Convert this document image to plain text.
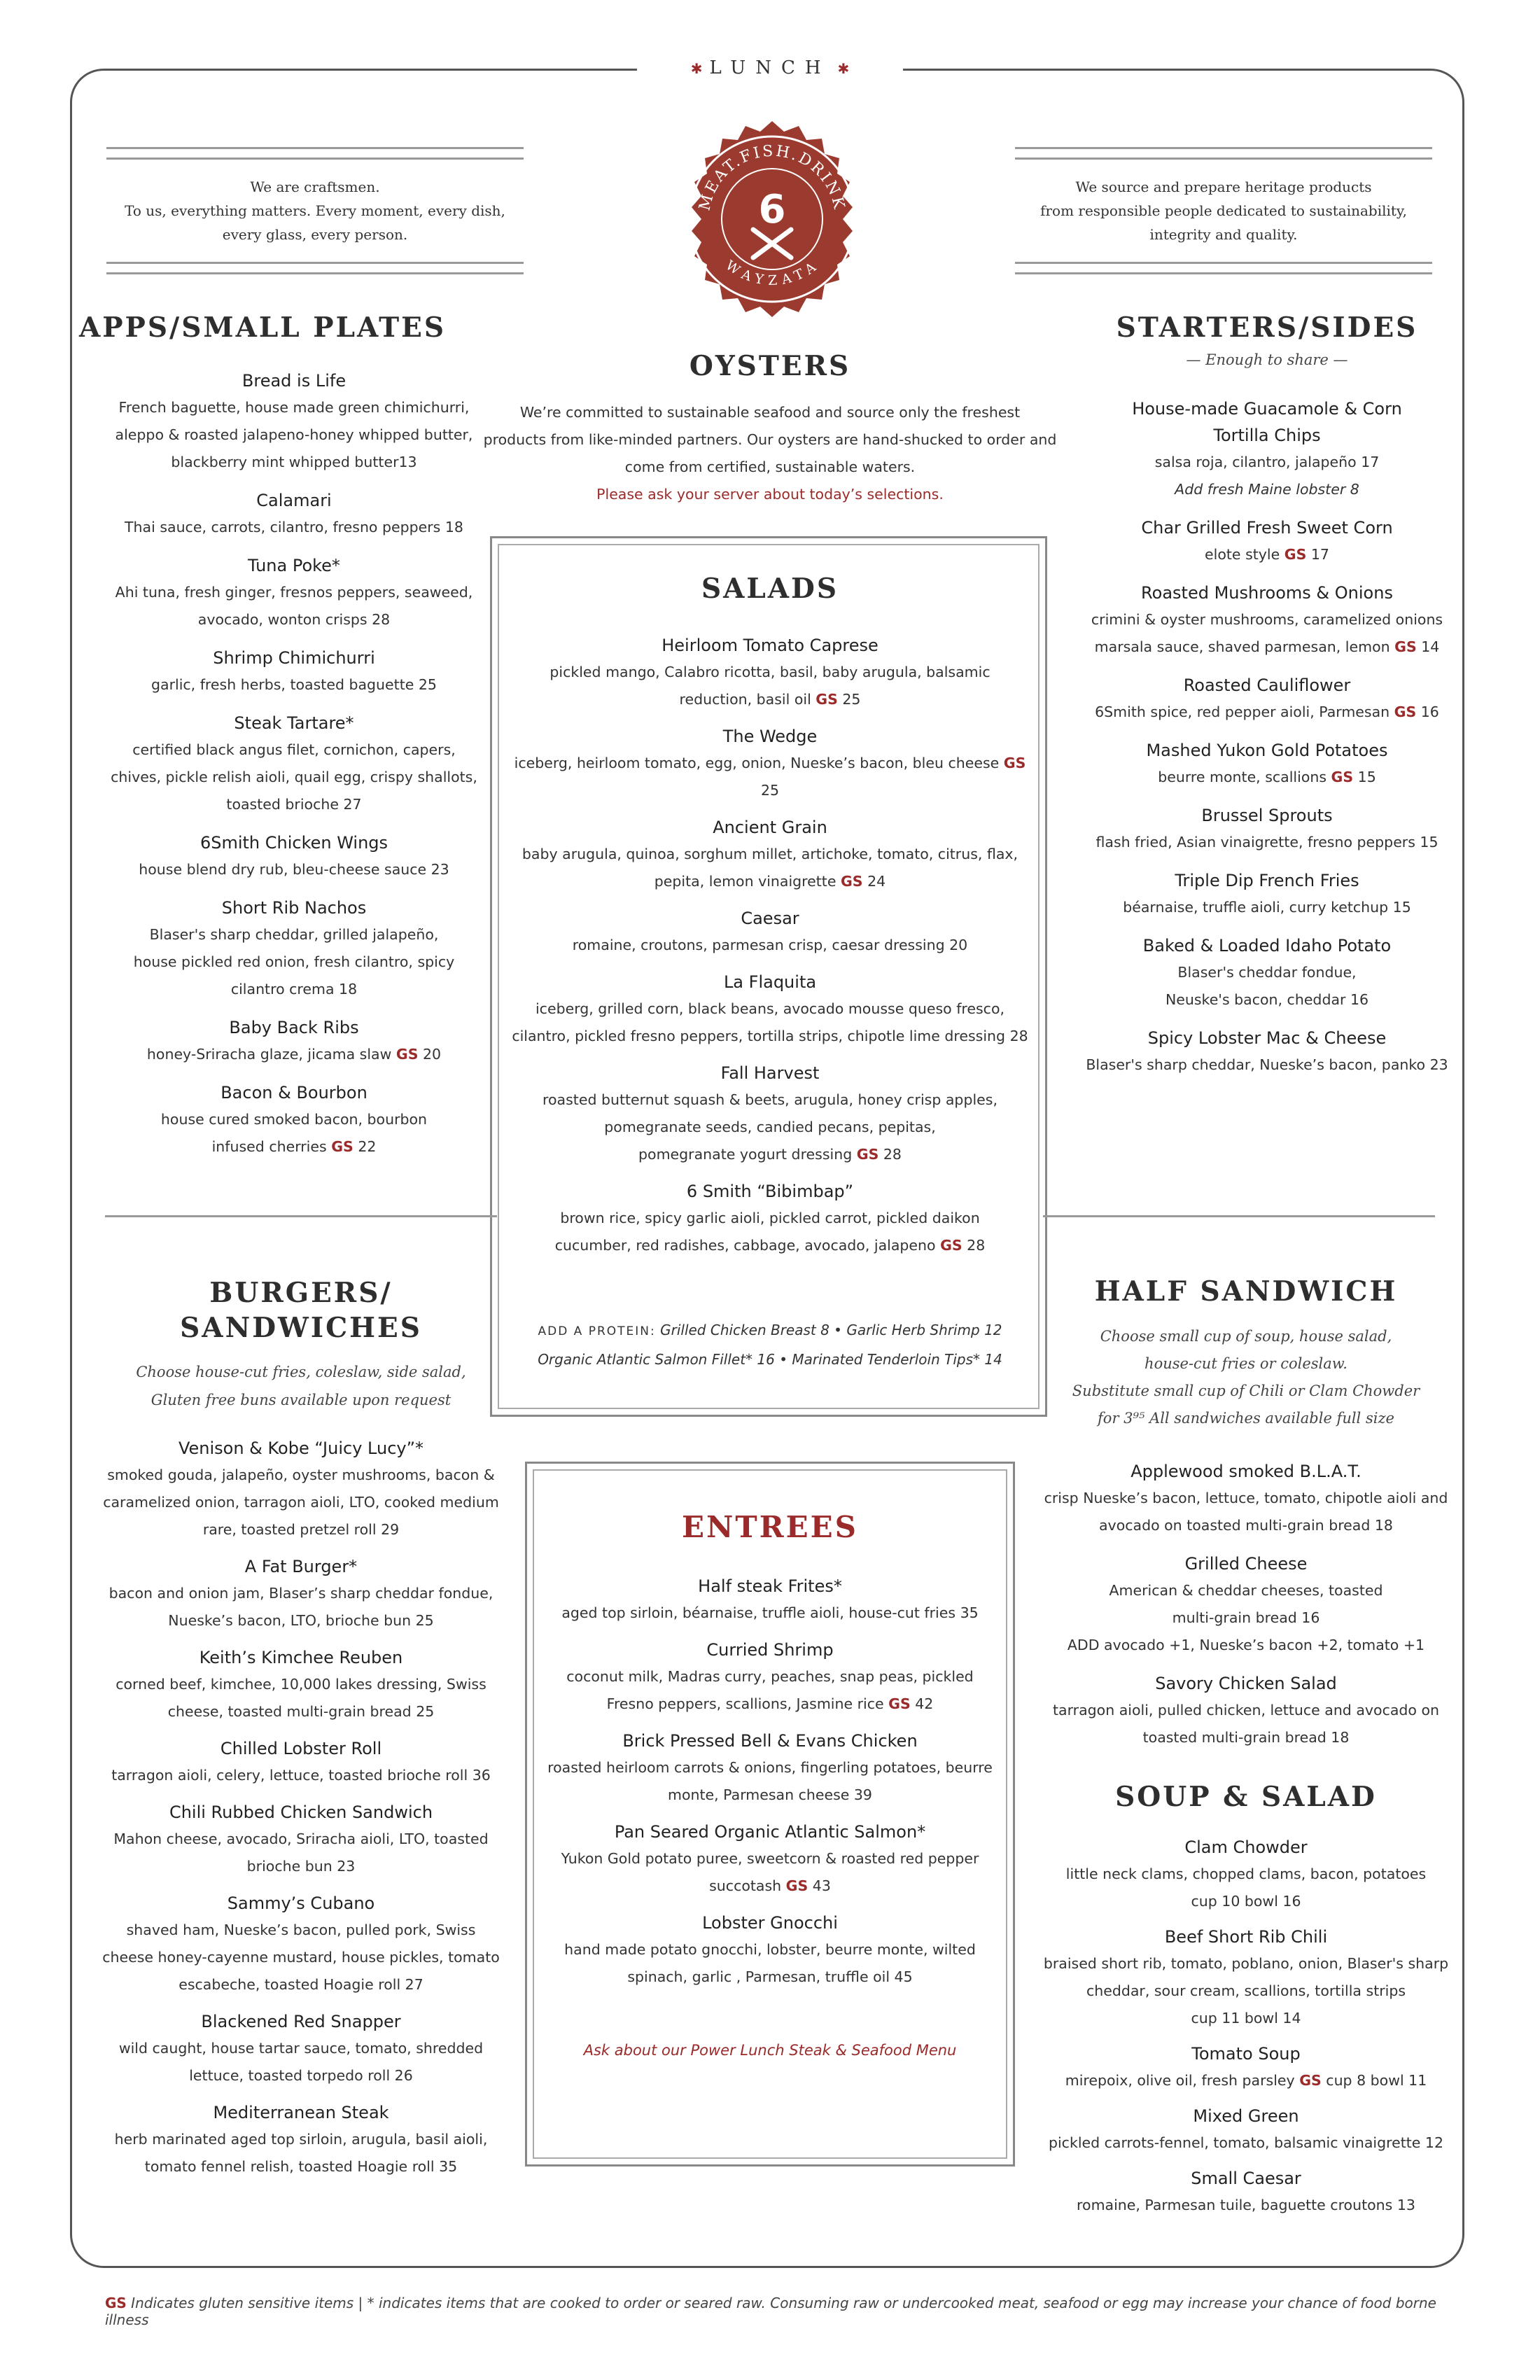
✱ LUNCH ✱
We are craftsmen.
To us, everything matters. Every moment, every dish,
every glass, every person.
We source and prepare heritage products
from responsible people dedicated to sustainability,
integrity and quality.
MEAT.FISH.DRINK
WAYZATA
6
APPS/SMALL PLATES
Bread is Life
French baguette, house made green chimichurri,
aleppo & roasted jalapeno-honey whipped butter,
blackberry mint whipped butter13
Calamari
Thai sauce, carrots, cilantro, fresno peppers 18
Tuna Poke*
Ahi tuna, fresh ginger, fresnos peppers, seaweed,
avocado, wonton crisps 28
Shrimp Chimichurri
garlic, fresh herbs, toasted baguette 25
Steak Tartare*
certified black angus filet, cornichon, capers,
chives, pickle relish aioli, quail egg, crispy shallots,
toasted brioche 27
6Smith Chicken Wings
house blend dry rub, bleu-cheese sauce 23
Short Rib Nachos
Blaser's sharp cheddar, grilled jalapeño,
house pickled red onion, fresh cilantro, spicy
cilantro crema 18
Baby Back Ribs
honey-Sriracha glaze, jicama slaw GS 20
Bacon & Bourbon
house cured smoked bacon, bourbon
infused cherries GS 22
OYSTERS
We’re committed to sustainable seafood and source only the freshest
products from like-minded partners. Our oysters are hand-shucked to order and
come from certified, sustainable waters.
Please ask your server about today’s selections.
SALADS
Heirloom Tomato Caprese
pickled mango, Calabro ricotta, basil, baby arugula, balsamic
reduction, basil oil GS 25
The Wedge
iceberg, heirloom tomato, egg, onion, Nueske’s bacon, bleu cheese GS
25
Ancient Grain
baby arugula, quinoa, sorghum millet, artichoke, tomato, citrus, flax,
pepita, lemon vinaigrette GS 24
Caesar
romaine, croutons, parmesan crisp, caesar dressing 20
La Flaquita
iceberg, grilled corn, black beans, avocado mousse queso fresco,
cilantro, pickled fresno peppers, tortilla strips, chipotle lime dressing 28
Fall Harvest
roasted butternut squash & beets, arugula, honey crisp apples,
pomegranate seeds, candied pecans, pepitas,
pomegranate yogurt dressing GS 28
6 Smith “Bibimbap”
brown rice, spicy garlic aioli, pickled carrot, pickled daikon
cucumber, red radishes, cabbage, avocado, jalapeno GS 28
ADD A PROTEIN: Grilled Chicken Breast 8 • Garlic Herb Shrimp 12
Organic Atlantic Salmon Fillet* 16 • Marinated Tenderloin Tips* 14
STARTERS/SIDES
— Enough to share —
House-made Guacamole & Corn
Tortilla Chips
salsa roja, cilantro, jalapeño 17
Add fresh Maine lobster 8
Char Grilled Fresh Sweet Corn
elote style GS 17
Roasted Mushrooms & Onions
crimini & oyster mushrooms, caramelized onions
marsala sauce, shaved parmesan, lemon GS 14
Roasted Cauliflower
6Smith spice, red pepper aioli, Parmesan GS 16
Mashed Yukon Gold Potatoes
beurre monte, scallions GS 15
Brussel Sprouts
flash fried, Asian vinaigrette, fresno peppers 15
Triple Dip French Fries
béarnaise, truffle aioli, curry ketchup 15
Baked & Loaded Idaho Potato
Blaser's cheddar fondue,
Neuske's bacon, cheddar 16
Spicy Lobster Mac & Cheese
Blaser's sharp cheddar, Nueske’s bacon, panko 23
BURGERS/
SANDWICHES
Choose house-cut fries, coleslaw, side salad,
Gluten free buns available upon request
Venison & Kobe “Juicy Lucy”*
smoked gouda, jalapeño, oyster mushrooms, bacon &
caramelized onion, tarragon aioli, LTO, cooked medium
rare, toasted pretzel roll 29
A Fat Burger*
bacon and onion jam, Blaser’s sharp cheddar fondue,
Nueske’s bacon, LTO, brioche bun 25
Keith’s Kimchee Reuben
corned beef, kimchee, 10,000 lakes dressing, Swiss
cheese, toasted multi-grain bread 25
Chilled Lobster Roll
tarragon aioli, celery, lettuce, toasted brioche roll 36
Chili Rubbed Chicken Sandwich
Mahon cheese, avocado, Sriracha aioli, LTO, toasted
brioche bun 23
Sammy’s Cubano
shaved ham, Nueske’s bacon, pulled pork, Swiss
cheese honey-cayenne mustard, house pickles, tomato
escabeche, toasted Hoagie roll 27
Blackened Red Snapper
wild caught, house tartar sauce, tomato, shredded
lettuce, toasted torpedo roll 26
Mediterranean Steak
herb marinated aged top sirloin, arugula, basil aioli,
tomato fennel relish, toasted Hoagie roll 35
ENTREES
Half steak Frites*
aged top sirloin, béarnaise, truffle aioli, house-cut fries 35
Curried Shrimp
coconut milk, Madras curry, peaches, snap peas, pickled
Fresno peppers, scallions, Jasmine rice GS 42
Brick Pressed Bell & Evans Chicken
roasted heirloom carrots & onions, fingerling potatoes, beurre
monte, Parmesan cheese 39
Pan Seared Organic Atlantic Salmon*
Yukon Gold potato puree, sweetcorn & roasted red pepper
succotash GS 43
Lobster Gnocchi
hand made potato gnocchi, lobster, beurre monte, wilted
spinach, garlic , Parmesan, truffle oil 45
Ask about our Power Lunch Steak & Seafood Menu
HALF SANDWICH
Choose small cup of soup, house salad,
house-cut fries or coleslaw.
Substitute small cup of Chili or Clam Chowder
for 3⁹⁵ All sandwiches available full size
Applewood smoked B.L.A.T.
crisp Nueske’s bacon, lettuce, tomato, chipotle aioli and
avocado on toasted multi-grain bread 18
Grilled Cheese
American & cheddar cheeses, toasted
multi-grain bread 16
ADD avocado +1, Nueske’s bacon +2, tomato +1
Savory Chicken Salad
tarragon aioli, pulled chicken, lettuce and avocado on
toasted multi-grain bread 18
SOUP & SALAD
Clam Chowder
little neck clams, chopped clams, bacon, potatoes
cup 10 bowl 16
Beef Short Rib Chili
braised short rib, tomato, poblano, onion, Blaser's sharp
cheddar, sour cream, scallions, tortilla strips
cup 11 bowl 14
Tomato Soup
mirepoix, olive oil, fresh parsley GS cup 8 bowl 11
Mixed Green
pickled carrots-fennel, tomato, balsamic vinaigrette 12
Small Caesar
romaine, Parmesan tuile, baguette croutons 13
GS Indicates gluten sensitive items | * indicates items that are cooked to order or seared raw. Consuming raw or undercooked meat, seafood or egg may increase your chance of food borne illness
